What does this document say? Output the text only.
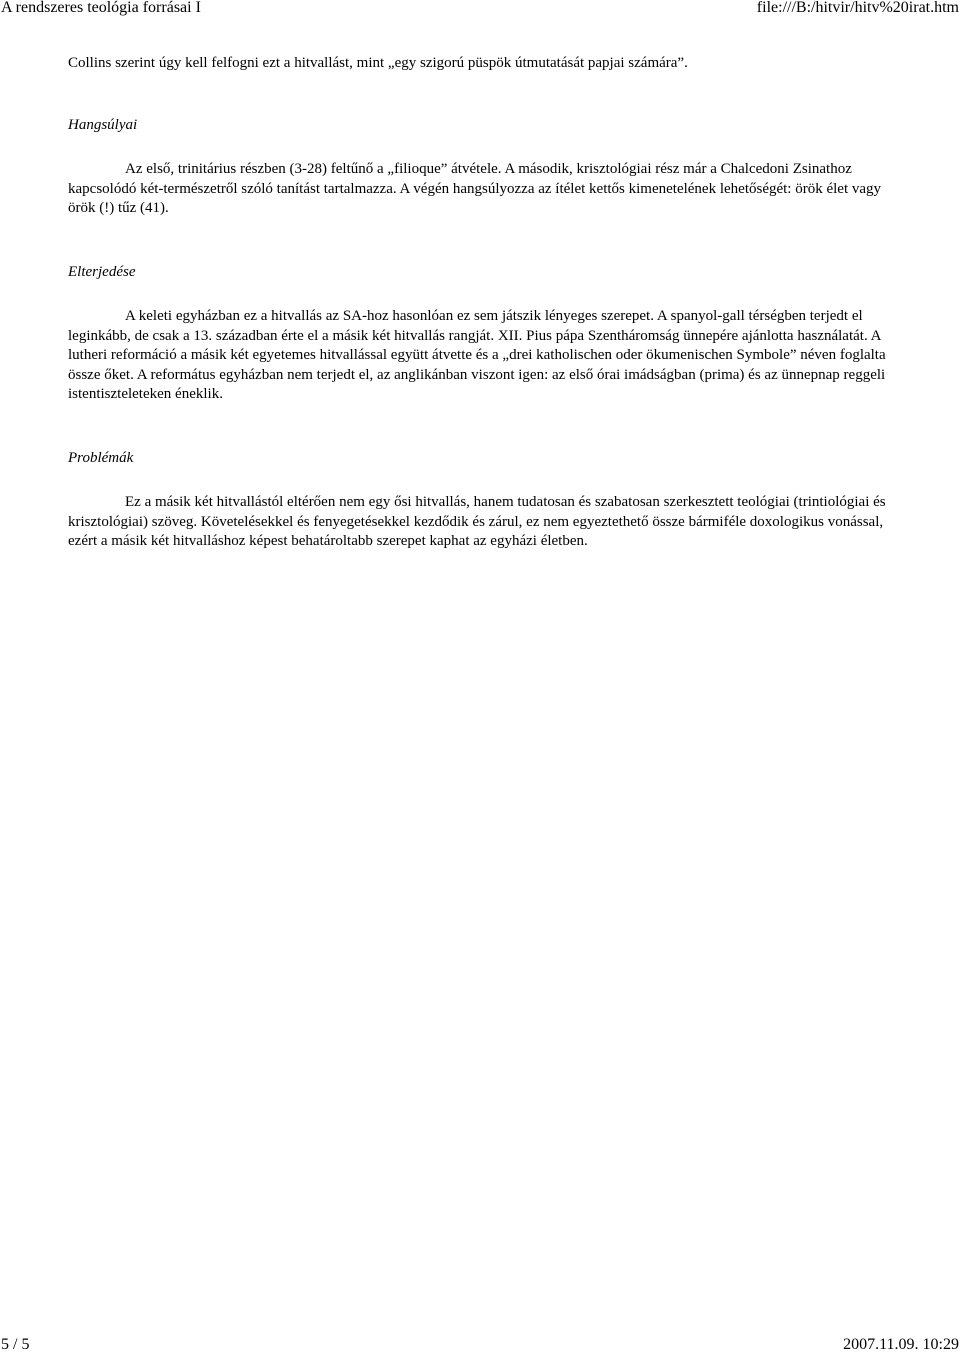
A rendszeres teológia forrásai I	file:///B:/hitvir/hitv%20irat.htm

Collins szerint úgy kell felfogni ezt a hitvallást, mint „egy szigorú püspök útmutatását papjai számára”.

Hangsúlyai

Az első, trinitárius részben (3-28) feltűnő a „filioque” átvétele. A második, krisztológiai rész már a Chalcedoni Zsinathoz kapcsolódó két-természetről szóló tanítást tartalmazza. A végén hangsúlyozza az ítélet kettős kimenetelének lehetőségét: örök élet vagy örök (!) tűz (41).

Elterjedése

A keleti egyházban ez a hitvallás az SA-hoz hasonlóan ez sem játszik lényeges szerepet. A spanyol-gall térségben terjedt el leginkább, de csak a 13. században érte el a másik két hitvallás rangját. XII. Pius pápa Szentháromság ünnepére ajánlotta használatát. A lutheri reformáció a másik két egyetemes hitvallással együtt átvette és a „drei katholischen oder ökumenischen Symbole” néven foglalta össze őket. A református egyházban nem terjedt el, az anglikánban viszont igen: az első órai imádságban (prima) és az ünnepnap reggeli istentiszteleteken éneklik.

Problémák

Ez a másik két hitvallástól eltérően nem egy ősi hitvallás, hanem tudatosan és szabatosan szerkesztett teológiai (trintiológiai és krisztológiai) szöveg. Követelésekkel és fenyegetésekkel kezdődik és zárul, ez nem egyeztethető össze bármiféle doxologikus vonással, ezért a másik két hitvalláshoz képest behatároltabb szerepet kaphat az egyházi életben.

5 / 5	2007.11.09. 10:29
